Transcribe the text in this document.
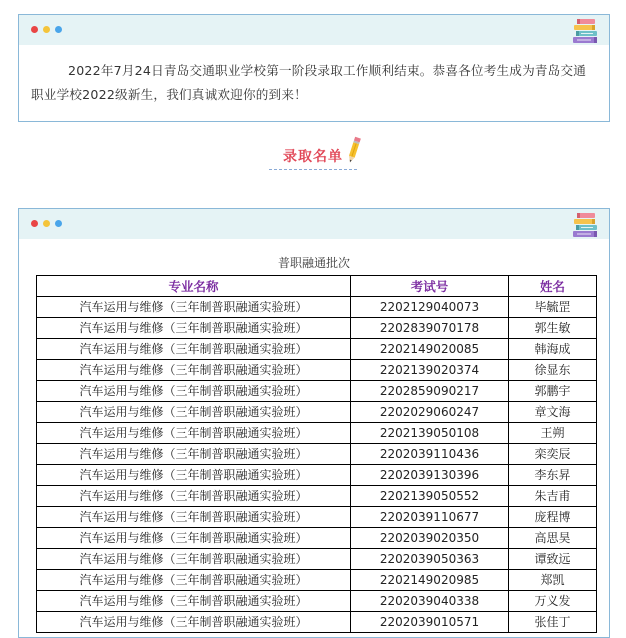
2022年7月24日青岛交通职业学校第一阶段录取工作顺利结束。恭喜各位考生成为青岛交通职业学校2022级新生，我们真诚欢迎你的到来！

录取名单
普职融通批次
专业名称	考试号	姓名
汽车运用与维修（三年制普职融通实验班）	2202129040073	毕毓罡
汽车运用与维修（三年制普职融通实验班）	2202839070178	郭生敏
汽车运用与维修（三年制普职融通实验班）	2202149020085	韩海成
汽车运用与维修（三年制普职融通实验班）	2202139020374	徐显东
汽车运用与维修（三年制普职融通实验班）	2202859090217	郭鹏宇
汽车运用与维修（三年制普职融通实验班）	2202029060247	章文海
汽车运用与维修（三年制普职融通实验班）	2202139050108	王朔
汽车运用与维修（三年制普职融通实验班）	2202039110436	栾奕辰
汽车运用与维修（三年制普职融通实验班）	2202039130396	李东昇
汽车运用与维修（三年制普职融通实验班）	2202139050552	朱吉甫
汽车运用与维修（三年制普职融通实验班）	2202039110677	庞程博
汽车运用与维修（三年制普职融通实验班）	2202039020350	高思昊
汽车运用与维修（三年制普职融通实验班）	2202039050363	谭致远
汽车运用与维修（三年制普职融通实验班）	2202149020985	郑凯
汽车运用与维修（三年制普职融通实验班）	2202039040338	万义发
汽车运用与维修（三年制普职融通实验班）	2202039010571	张佳丁
